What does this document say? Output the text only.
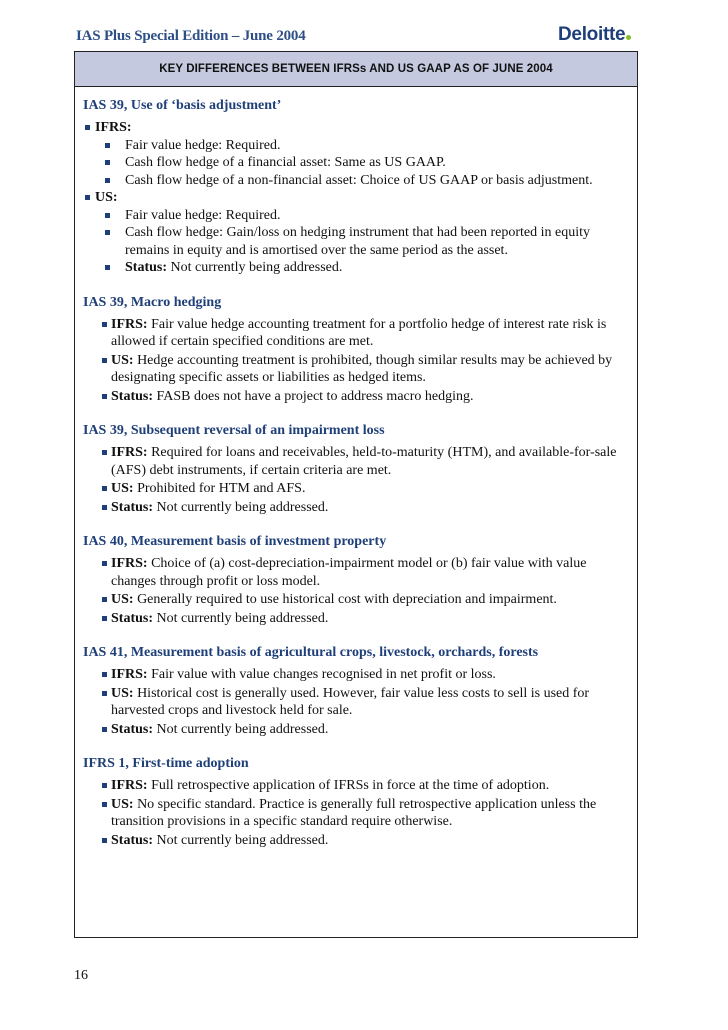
IAS Plus Special Edition – June 2004	Deloitte
KEY DIFFERENCES BETWEEN IFRSs AND US GAAP AS OF JUNE 2004
IAS 39, Use of ‘basis adjustment’
IFRS:
Fair value hedge: Required.
Cash flow hedge of a financial asset: Same as US GAAP.
Cash flow hedge of a non-financial asset: Choice of US GAAP or basis adjustment.
US:
Fair value hedge: Required.
Cash flow hedge: Gain/loss on hedging instrument that had been reported in equity remains in equity and is amortised over the same period as the asset.
Status: Not currently being addressed.
IAS 39, Macro hedging
IFRS: Fair value hedge accounting treatment for a portfolio hedge of interest rate risk is allowed if certain specified conditions are met.
US: Hedge accounting treatment is prohibited, though similar results may be achieved by designating specific assets or liabilities as hedged items.
Status: FASB does not have a project to address macro hedging.
IAS 39, Subsequent reversal of an impairment loss
IFRS: Required for loans and receivables, held-to-maturity (HTM), and available-for-sale (AFS) debt instruments, if certain criteria are met.
US: Prohibited for HTM and AFS.
Status: Not currently being addressed.
IAS 40, Measurement basis of investment property
IFRS: Choice of (a) cost-depreciation-impairment model or (b) fair value with value changes through profit or loss model.
US: Generally required to use historical cost with depreciation and impairment.
Status: Not currently being addressed.
IAS 41, Measurement basis of agricultural crops, livestock, orchards, forests
IFRS: Fair value with value changes recognised in net profit or loss.
US: Historical cost is generally used. However, fair value less costs to sell is used for harvested crops and livestock held for sale.
Status: Not currently being addressed.
IFRS 1, First-time adoption
IFRS: Full retrospective application of IFRSs in force at the time of adoption.
US: No specific standard. Practice is generally full retrospective application unless the transition provisions in a specific standard require otherwise.
Status: Not currently being addressed.
16
